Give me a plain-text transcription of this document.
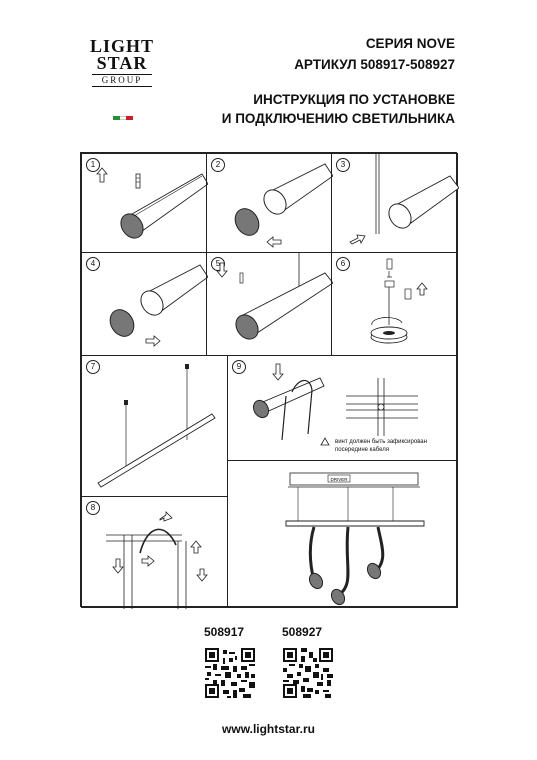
LIGHT
STAR
GROUP
СЕРИЯ NOVE
АРТИКУЛ 508917-508927
ИНСТРУКЦИЯ ПО УСТАНОВКЕ
И ПОДКЛЮЧЕНИЮ СВЕТИЛЬНИКА
1	2	3
4	5	6
7	9
винт должен быть зафиксирован
посередине кабеля
8
DRIVER
508917	508927
www.lightstar.ru
